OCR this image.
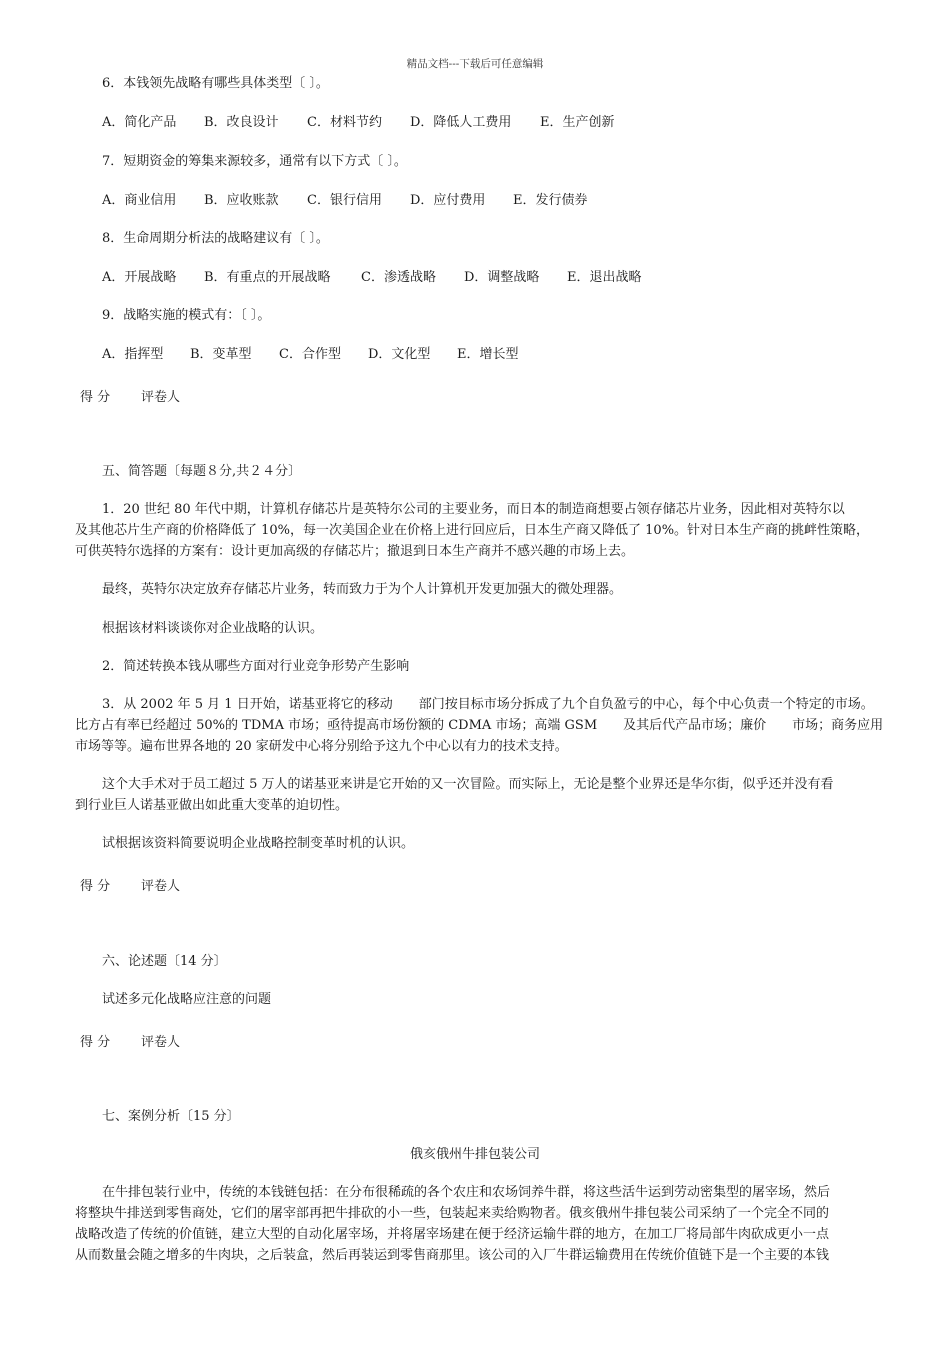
精品文档---下载后可任意编辑
6．本钱领先战略有哪些具体类型〔 〕。
A．简化产品 B．改良设计 C．材料节约 D．降低人工费用 E．生产创新
7．短期资金的筹集来源较多，通常有以下方式〔 〕。
A．商业信用 B．应收账款 C．银行信用 D．应付费用 E．发行债券
8．生命周期分析法的战略建议有〔 〕。
A．开展战略 B．有重点的开展战略 C．渗透战略 D．调整战略 E．退出战略
9．战略实施的模式有：〔 〕。
A．指挥型 B．变革型 C．合作型 D．文化型 E．增长型
得 分 评卷人
五、简答题〔每题８分,共２４分〕
1．20 世纪 80 年代中期，计算机存储芯片是英特尔公司的主要业务，而日本的制造商想要占领存储芯片业务，因此相对英特尔以
及其他芯片生产商的价格降低了 10%，每一次美国企业在价格上进行回应后，日本生产商又降低了 10%。针对日本生产商的挑衅性策略，
可供英特尔选择的方案有：设计更加高级的存储芯片；撤退到日本生产商并不感兴趣的市场上去。
最终，英特尔决定放弃存储芯片业务，转而致力于为个人计算机开发更加强大的微处理器。
根据该材料谈谈你对企业战略的认识。
2．简述转换本钱从哪些方面对行业竞争形势产生影响
3．从 2002 年 5 月 1 日开始，诺基亚将它的移动　　部门按目标市场分拆成了九个自负盈亏的中心，每个中心负责一个特定的市场。
比方占有率已经超过 50%的 TDMA 市场；亟待提高市场份额的 CDMA 市场；高端 GSM　　及其后代产品市场；廉价　　市场；商务应用
市场等等。遍布世界各地的 20 家研发中心将分别给予这九个中心以有力的技术支持。
这个大手术对于员工超过 5 万人的诺基亚来讲是它开始的又一次冒险。而实际上，无论是整个业界还是华尔街，似乎还并没有看
到行业巨人诺基亚做出如此重大变革的迫切性。
试根据该资料简要说明企业战略控制变革时机的认识。
得 分 评卷人
六、论述题〔14 分〕
试述多元化战略应注意的问题
得 分 评卷人
七、案例分析〔15 分〕
俄亥俄州牛排包装公司
在牛排包装行业中，传统的本钱链包括：在分布很稀疏的各个农庄和农场饲养牛群，将这些活牛运到劳动密集型的屠宰场，然后
将整块牛排送到零售商处，它们的屠宰部再把牛排砍的小一些，包装起来卖给购物者。俄亥俄州牛排包装公司采纳了一个完全不同的
战略改造了传统的价值链，建立大型的自动化屠宰场，并将屠宰场建在便于经济运输牛群的地方，在加工厂将局部牛肉砍成更小一点
从而数量会随之增多的牛肉块，之后装盒，然后再装运到零售商那里。该公司的入厂牛群运输费用在传统价值链下是一个主要的本钱
